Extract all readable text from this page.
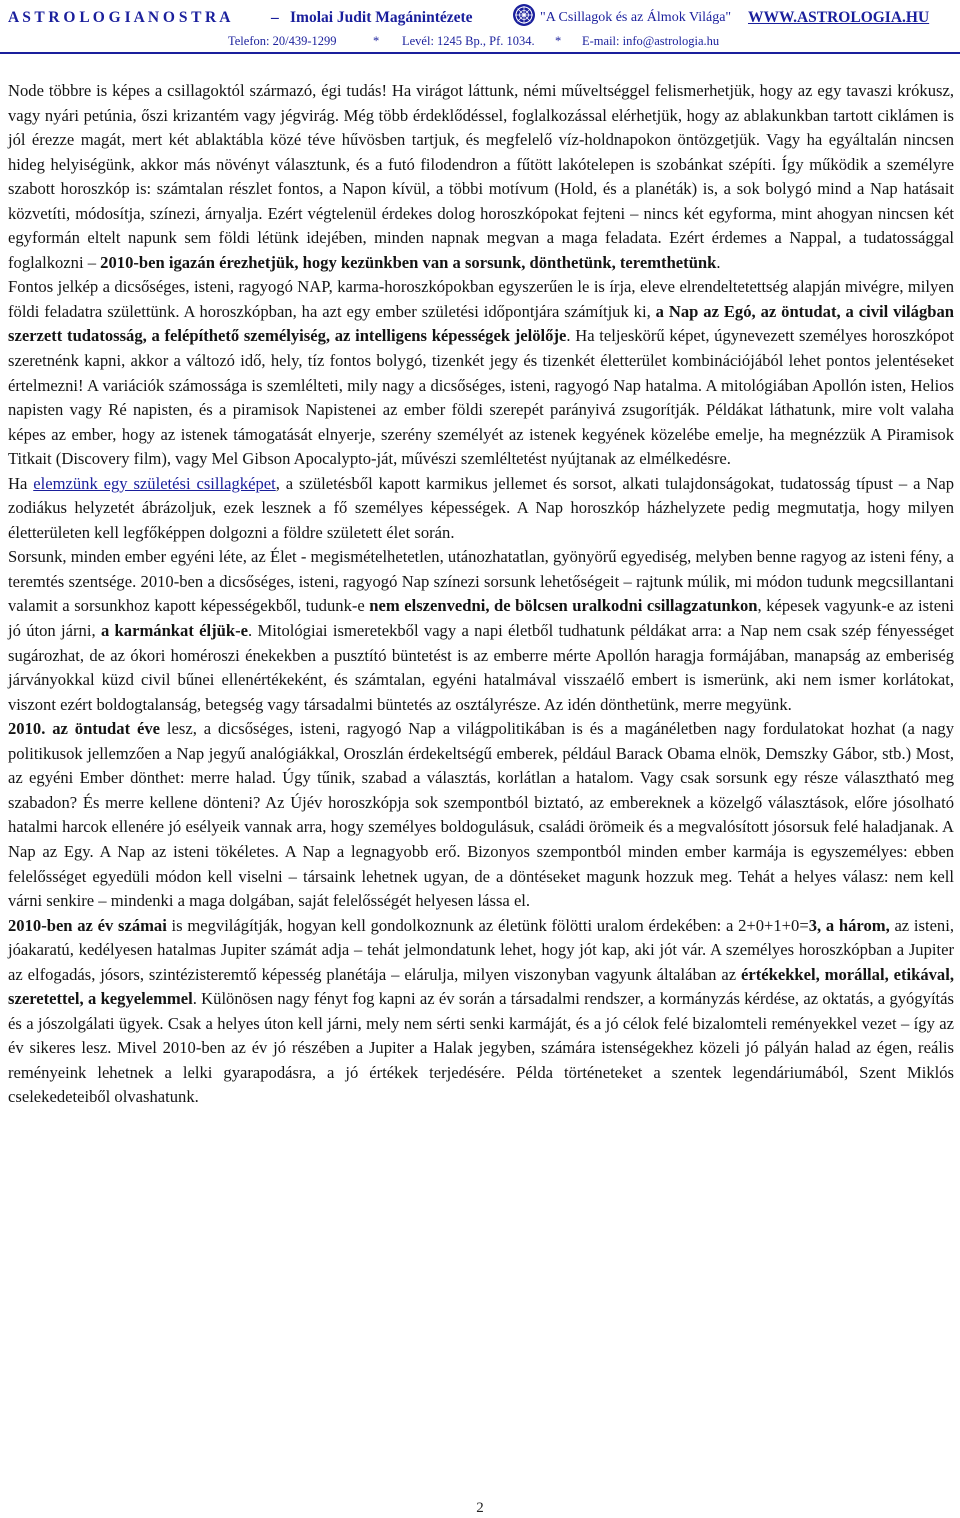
A S T R O L O G I A N O S T R A	– Imolai Judit Magánintézete	"A Csillagok és az Álmok Világa" WWW.ASTROLOGIA.HU
Telefon: 20/439-1299	* Levél: 1245 Bp., Pf. 1034. * E-mail: info@astrologia.hu

Node többre is képes a csillagoktól származó, égi tudás! Ha virágot láttunk, némi műveltséggel felismerhetjük, hogy az egy tavaszi krókusz, vagy nyári petúnia, őszi krizantém vagy jégvirág. Még több érdeklődéssel, foglalkozással elérhetjük, hogy az ablakunkban tartott ciklámen is jól érezze magát, mert két ablaktábla közé téve hűvösben tartjuk, és megfelelő víz-holdnapokon öntözgetjük. Vagy ha egyáltalán nincsen hideg helyiségünk, akkor más növényt választunk, és a futó filodendron a fűtött lakótelepen is szobánkat szépíti. Így működik a személyre szabott horoszkóp is: számtalan részlet fontos, a Napon kívül, a többi motívum (Hold, és a planéták) is, a sok bolygó mind a Nap hatásait közvetíti, módosítja, színezi, árnyalja. Ezért végtelenül érdekes dolog horoszkópokat fejteni – nincs két egyforma, mint ahogyan nincsen két egyformán eltelt napunk sem földi létünk idejében, minden napnak megvan a maga feladata. Ezért érdemes a Nappal, a tudatossággal foglalkozni – 2010-ben igazán érezhetjük, hogy kezünkben van a sorsunk, dönthetünk, teremthetünk.

Fontos jelkép a dicsőséges, isteni, ragyogó NAP, karma-horoszkópokban egyszerűen le is írja, eleve elrendeltetettség alapján mivégre, milyen földi feladatra születtünk. A horoszkópban, ha azt egy ember születési időpontjára számítjuk ki, a Nap az Egó, az öntudat, a civil világban szerzett tudatosság, a felépíthető személyiség, az intelligens képességek jelölője. Ha teljeskörű képet, úgynevezett személyes horoszkópot szeretnénk kapni, akkor a változó idő, hely, tíz fontos bolygó, tizenkét jegy és tizenkét életterület kombinációjából lehet pontos jelentéseket értelmezni! A variációk számossága is szemlélteti, mily nagy a dicsőséges, isteni, ragyogó Nap hatalma. A mitológiában Apollón isten, Helios napisten vagy Ré napisten, és a piramisok Napistenei az ember földi szerepét parányivá zsugorítják. Példákat láthatunk, mire volt valaha képes az ember, hogy az istenek támogatását elnyerje, szerény személyét az istenek kegyének közelébe emelje, ha megnézzük A Piramisok Titkait (Discovery film), vagy Mel Gibson Apocalypto-ját, művészi szemléltetést nyújtanak az elmélkedésre.

Ha elemzünk egy születési csillagképet, a születésből kapott karmikus jellemet és sorsot, alkati tulajdonságokat, tudatosság típust – a Nap zodiákus helyzetét ábrázoljuk, ezek lesznek a fő személyes képességek. A Nap horoszkóp házhelyzete pedig megmutatja, hogy milyen életterületen kell legfőképpen dolgozni a földre született élet során.

Sorsunk, minden ember egyéni léte, az Élet - megismételhetetlen, utánozhatatlan, gyönyörű egyediség, melyben benne ragyog az isteni fény, a teremtés szentsége. 2010-ben a dicsőséges, isteni, ragyogó Nap színezi sorsunk lehetőségeit – rajtunk múlik, mi módon tudunk megcsillantani valamit a sorsunkhoz kapott képességekből, tudunk-e nem elszenvedni, de bölcsen uralkodni csillagzatunkon, képesek vagyunk-e az isteni jó úton járni, a karmánkat éljük-e. Mitológiai ismeretekből vagy a napi életből tudhatunk példákat arra: a Nap nem csak szép fényességet sugározhat, de az ókori homéroszi énekekben a pusztító büntetést is az emberre mérte Apollón haragja formájában, manapság az emberiség járványokkal küzd civil bűnei ellenértékeként, és számtalan, egyéni hatalmával visszaélő embert is ismerünk, aki nem ismer korlátokat, viszont ezért boldogtalanság, betegség vagy társadalmi büntetés az osztályrésze. Az idén dönthetünk, merre megyünk.

2010. az öntudat éve lesz, a dicsőséges, isteni, ragyogó Nap a világpolitikában is és a magánéletben nagy fordulatokat hozhat (a nagy politikusok jellemzően a Nap jegyű analógiákkal, Oroszlán érdekeltségű emberek, például Barack Obama elnök, Demszky Gábor, stb.) Most, az egyéni Ember dönthet: merre halad. Úgy tűnik, szabad a választás, korlátlan a hatalom. Vagy csak sorsunk egy része választható meg szabadon? És merre kellene dönteni? Az Újév horoszkópja sok szempontból biztató, az embereknek a közelgő választások, előre jósolható hatalmi harcok ellenére jó esélyeik vannak arra, hogy személyes boldogulásuk, családi örömeik és a megvalósított jósorsuk felé haladjanak. A Nap az Egy. A Nap az isteni tökéletes. A Nap a legnagyobb erő. Bizonyos szempontból minden ember karmája is egyszemélyes: ebben felelősséget egyedüli módon kell viselni – társaink lehetnek ugyan, de a döntéseket magunk hozzuk meg. Tehát a helyes válasz: nem kell várni senkire – mindenki a maga dolgában, saját felelősségét helyesen lássa el.

2010-ben az év számai is megvilágítják, hogyan kell gondolkoznunk az életünk fölötti uralom érdekében: a 2+0+1+0=3, a három, az isteni, jóakaratú, kedélyesen hatalmas Jupiter számát adja – tehát jelmondatunk lehet, hogy jót kap, aki jót vár. A személyes horoszkópban a Jupiter az elfogadás, jósors, szintézisteremtő képesség planétája – elárulja, milyen viszonyban vagyunk általában az értékekkel, morállal, etikával, szeretettel, a kegyelemmel. Különösen nagy fényt fog kapni az év során a társadalmi rendszer, a kormányzás kérdése, az oktatás, a gyógyítás és a jószolgálati ügyek. Csak a helyes úton kell járni, mely nem sérti senki karmáját, és a jó célok felé bizalomteli reményekkel vezet – így az év sikeres lesz. Mivel 2010-ben az év jó részében a Jupiter a Halak jegyben, számára istenségekhez közeli jó pályán halad az égen, reális reményeink lehetnek a lelki gyarapodásra, a jó értékek terjedésére. Példa történeteket a szentek legendáriumából, Szent Miklós cselekedeteiből olvashatunk.

2
